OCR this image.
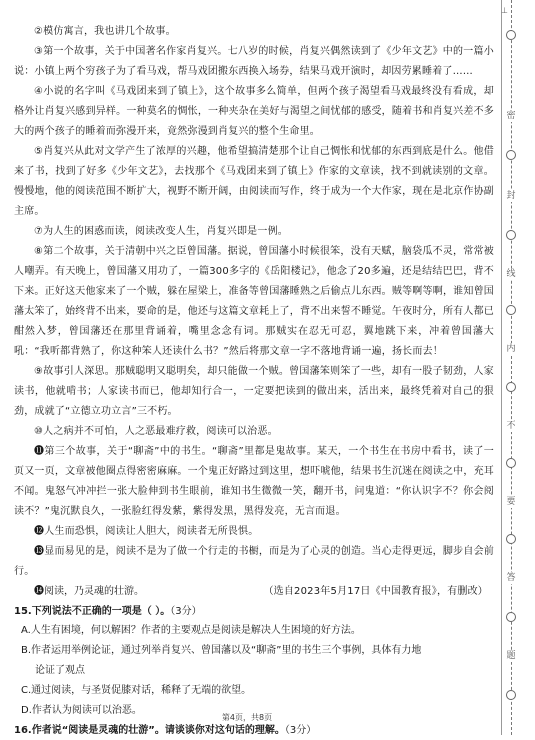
②模仿寓言，我也讲几个故事。

③第一个故事，关于中国著名作家肖复兴。七八岁的时候，肖复兴偶然读到了《少年文艺》中的一篇小说：小镇上两个穷孩子为了看马戏，帮马戏团搬东西换入场券，结果马戏开演时，却因劳累睡着了……

④小说的名字叫《马戏团来到了镇上》，这个故事多么简单，但两个孩子渴望看马戏最终没有看成，却格外让肖复兴感到异样。一种莫名的惆怅，一种夹杂在美好与渴望之间忧郁的感受，随着书和肖复兴差不多大的两个孩子的睡着而弥漫开来，竟然弥漫到肖复兴的整个生命里。

⑤肖复兴从此对文学产生了浓厚的兴趣，他希望搞清楚那个让自己惆怅和忧郁的东西到底是什么。他借来了书，找到了好多《少年文艺》，去找那个《马戏团来到了镇上》作家的文章读，找不到就读别的文章。慢慢地，他的阅读范围不断扩大，视野不断开阔，由阅读而写作，终于成为一个大作家，现在是北京作协副主席。

⑦为人生的困惑而读，阅读改变人生，肖复兴即是一例。

⑧第二个故事，关于清朝中兴之臣曾国藩。据说，曾国藩小时候很笨，没有天赋，脑袋瓜不灵，常常被人嘲弄。有天晚上，曾国藩又用功了，一篇300多字的《岳阳楼记》，他念了20多遍，还是结结巴巴，背不下来。正好这天他家来了一个贼，躲在屋梁上，准备等曾国藩睡熟之后偷点儿东西。贼等啊等啊，谁知曾国藩太笨了，始终背不出来，要命的是，他还与这篇文章耗上了，背不出来誓不睡觉。午夜时分，所有人都已酣然入梦，曾国藩还在那里背诵着，嘴里念念有词。那贼实在忍无可忍，翼地跳下来，冲着曾国藩大吼：“我听都背熟了，你这种笨人还读什么书？”然后将那文章一字不落地背诵一遍，扬长而去！

⑨故事引人深思。那贼聪明又聪明矣，却只能做一个贼。曾国藩笨则笨了一些，却有一股子韧劲，人家读书，他就啃书；人家读书而已，他却知行合一，一定要把读到的做出来，活出来，最终凭着对自己的狠劲，成就了“立德立功立言”三不朽。

⑩人之病并不可怕，人之恶最难疗救，阅读可以治恶。

⓫第三个故事，关于“聊斋”中的书生。“聊斋”里都是鬼故事。某天，一个书生在书房中看书，读了一页又一页，文章被他圈点得密密麻麻。一个鬼正好路过到这里，想吓唬他，结果书生沉迷在阅读之中，充耳不闻。鬼怒气冲冲拦一张大脸伸到书生眼前，谁知书生微微一笑，翻开书，问鬼道：“你认识字不？你会阅读不？”鬼沉默良久，一张脸红得发紫，紫得发黑，黑得发亮，无言而退。

⓬人生而恐惧，阅读让人胆大，阅读者无所畏惧。

⓭显而易见的是，阅读不是为了做一个行走的书橱，而是为了心灵的创造。当心走得更远，脚步自会前行。

⓮阅读，乃灵魂的壮游。	（选自2023年5月17日《中国教育报》，有删改）

15.下列说法不正确的一项是（ ）。（3分）

A.人生有困境，何以解困？作者的主要观点是阅读是解决人生困境的好方法。

B.作者运用举例论证，通过列举肖复兴、曾国藩以及“聊斋”里的书生三个事例，具体有力地
论证了观点

C.通过阅读，与圣贤促膝对话，稀释了无端的欲望。

D.作者认为阅读可以治恶。

16.作者说“阅读是灵魂的壮游”。请谈谈你对这句话的理解。（3分）

第4页，共8页
⊥
密
封
线
内
不
要
答
题
